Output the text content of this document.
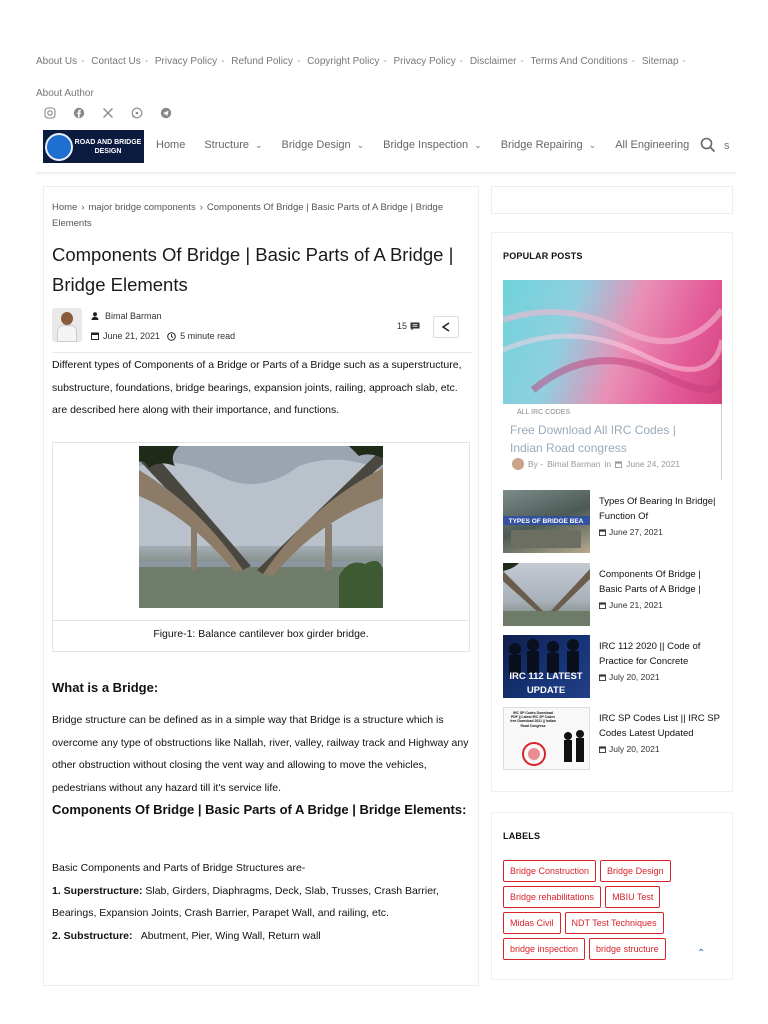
About Us - Contact Us - Privacy Policy - Refund Policy - Copyright Policy - Privacy Policy - Disclaimer - Terms And Conditions - Sitemap -
About Author
ROAD AND BRIDGE
DESIGN	Home Structure ⌄ Bridge Design ⌄ Bridge Inspection ⌄ Bridge Repairing ⌄ All Engineering	s
Home › major bridge components › Components Of Bridge | Basic Parts of A Bridge | Bridge Elements
Components Of Bridge | Basic Parts of A Bridge | Bridge Elements
Bimal Barman
June 21, 2021 5 minute read
15

Different types of Components of a Bridge or Parts of a Bridge such as a superstructure, substructure, foundations, bridge bearings, expansion joints, railing, approach slab, etc. are described here along with their importance, and functions.

Figure-1: Balance cantilever box girder bridge.
What is a Bridge:

Bridge structure can be defined as in a simple way that Bridge is a structure which is overcome any type of obstructions like Nallah, river, valley, railway track and Highway any other obstruction without closing the vent way and allowing to move the vehicles, pedestrians without any hazard till it's service life.

Components Of Bridge | Basic Parts of A Bridge | Bridge Elements:
Basic Components and Parts of Bridge Structures are-
1. Superstructure: Slab, Girders, Diaphragms, Deck, Slab, Trusses, Crash Barrier, Bearings, Expansion Joints, Crash Barrier, Parapet Wall, and railing, etc.
2. Substructure:   Abutment, Pier, Wing Wall, Return wall
POPULAR POSTS
ALL IRC CODES
Free Download All IRC Codes | Indian Road congress
By - Bimal Barman in June 24, 2021
TYPES OF BRIDGE BEA
Types Of Bearing In Bridge| Function Of
June 27, 2021
Components Of Bridge | Basic Parts of A Bridge |
June 21, 2021
IRC 112 LATEST
UPDATE
IRC 112 2020 || Code of Practice for Concrete
July 20, 2021
IRC SP Codes Download PDF || Latest IRC SP Codes free Download 2021 || Indian Road Congress
IRC SP Codes List || IRC SP Codes Latest Updated
July 20, 2021
LABELS
Bridge Construction	Bridge Design
Bridge rehabilitations	MBIU Test
Midas Civil	NDT Test Techniques
bridge inspection	bridge structure	⌃
